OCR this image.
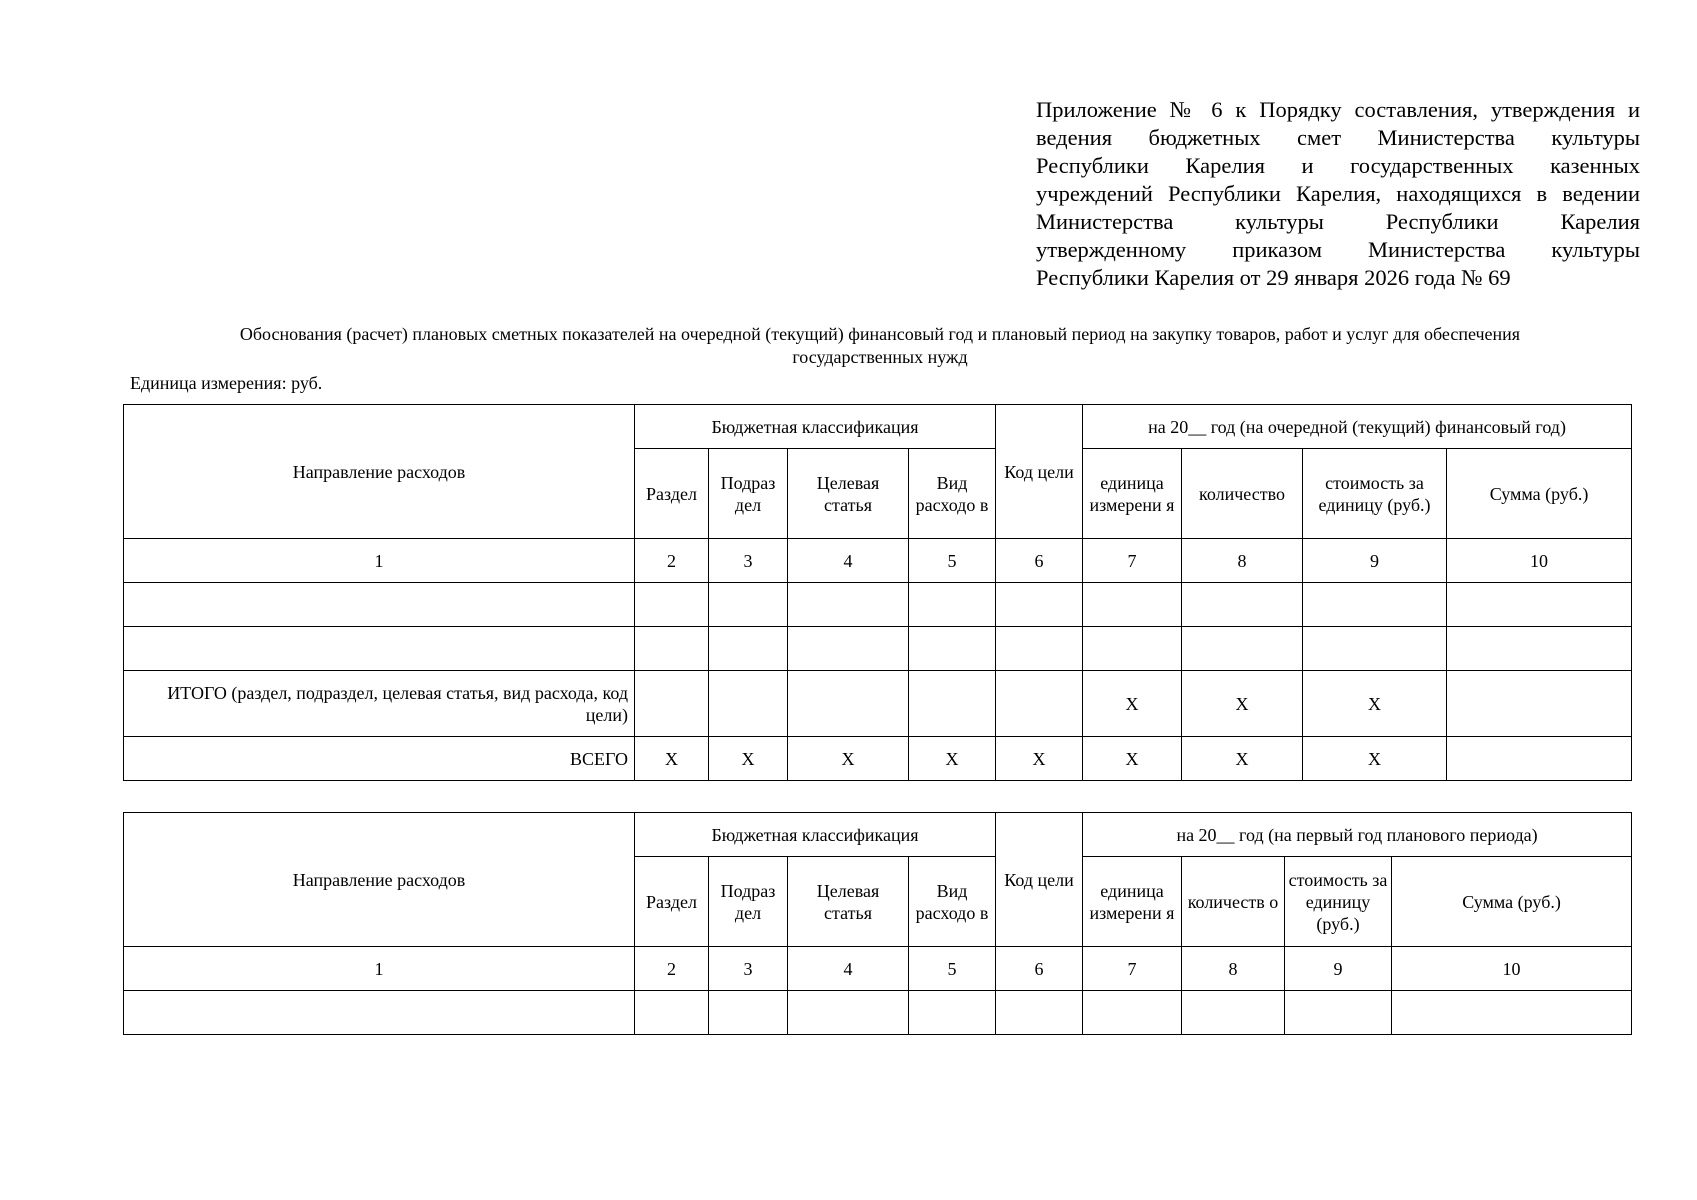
Приложение № 6 к Порядку составления, утверждения и
ведения бюджетных смет Министерства культуры
Республики Карелия и государственных казенных
учреждений Республики Карелия, находящихся в ведении
Министерства культуры Республики Карелия
утвержденному приказом Министерства культуры
Республики Карелия от 29 января 2026 года № 69
Обоснования (расчет) плановых сметных показателей на очередной (текущий) финансовый год и плановый период на закупку товаров, работ и услуг для обеспечения
государственных нужд
Единица измерения: руб.
Направление расходов	Бюджетная классификация				Код цели	на 20__ год (на очередной (текущий) финансовый год)			
	Раздел	Подраз дел	Целевая статья	Вид расходо в		единица измерени я	количество	стоимость за единицу (руб.)	Сумма (руб.)
1	2	3	4	5	6	7	8	9	10

ИТОГО (раздел, подраздел, целевая статья, вид расхода, код цели)						Х	Х	Х	
ВСЕГО	Х	Х	Х	Х	Х	Х	Х	Х	
Направление расходов	Бюджетная классификация				Код цели	на 20__ год (на первый год планового периода)			
	Раздел	Подраз дел	Целевая статья	Вид расходо в		единица измерени я	количеств о	стоимость за единицу (руб.)	Сумма (руб.)
1	2	3	4	5	6	7	8	9	10
